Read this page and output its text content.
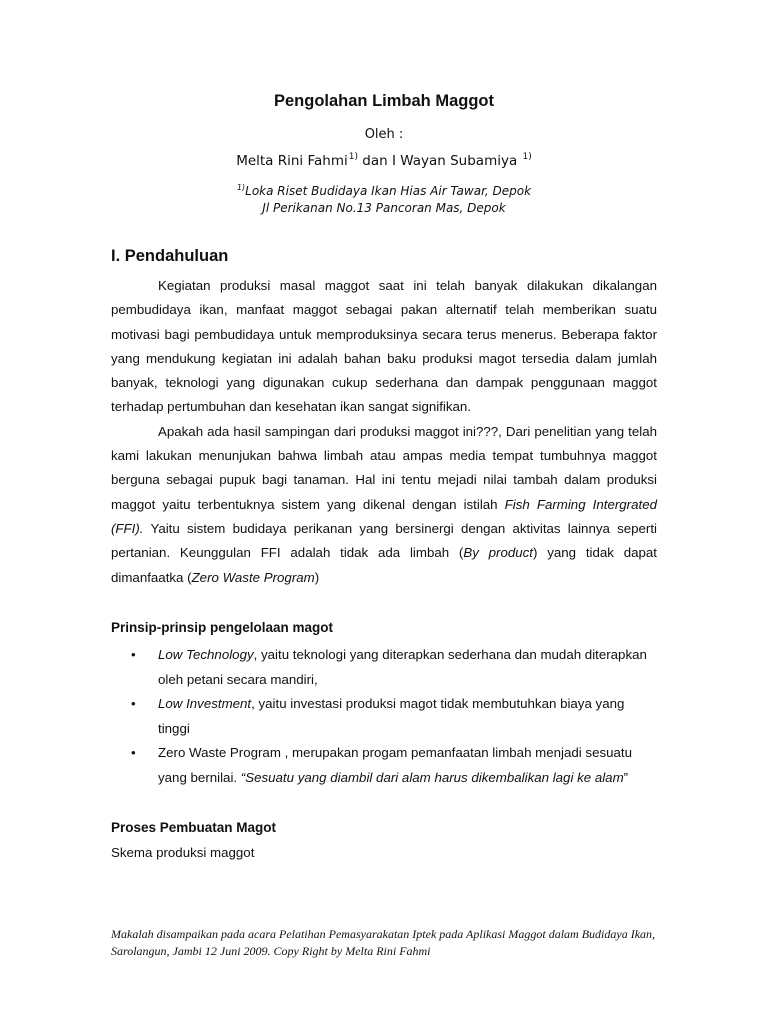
Pengolahan Limbah Maggot
Oleh :
Melta Rini Fahmi$^{1)}$ dan I Wayan Subamiya $^{1)}$
$^{1)}$Loka Riset Budidaya Ikan Hias Air Tawar, Depok
Jl Perikanan No.13 Pancoran Mas, Depok
I. Pendahuluan

Kegiatan produksi masal maggot saat ini telah banyak dilakukan dikalangan pembudidaya ikan, manfaat maggot sebagai pakan alternatif telah memberikan suatu motivasi bagi pembudidaya untuk memproduksinya secara terus menerus. Beberapa faktor yang mendukung kegiatan ini adalah bahan baku produksi magot tersedia dalam jumlah banyak, teknologi yang digunakan cukup sederhana dan dampak penggunaan maggot terhadap pertumbuhan dan kesehatan ikan sangat signifikan.

Apakah ada hasil sampingan dari produksi maggot ini???, Dari penelitian yang telah kami lakukan menunjukan bahwa limbah atau ampas media tempat tumbuhnya maggot berguna sebagai pupuk bagi tanaman. Hal ini tentu mejadi nilai tambah dalam produksi maggot yaitu terbentuknya sistem yang dikenal dengan istilah Fish Farming Intergrated (FFI). Yaitu sistem budidaya perikanan yang bersinergi dengan aktivitas lainnya seperti pertanian. Keunggulan FFI adalah tidak ada limbah (By product) yang tidak dapat dimanfaatka (Zero Waste Program)

Prinsip-prinsip pengelolaan magot
• Low Technology, yaitu teknologi yang diterapkan sederhana dan mudah diterapkan oleh petani secara mandiri,
• Low Investment, yaitu investasi produksi magot tidak membutuhkan biaya yang tinggi
• Zero Waste Program , merupakan progam pemanfaatan limbah menjadi sesuatu yang bernilai. “Sesuatu yang diambil dari alam harus dikembalikan lagi ke alam”
Proses Pembuatan Magot
Skema produksi maggot
Makalah disampaikan pada acara Pelatihan Pemasyarakatan Iptek pada Aplikasi Maggot dalam Budidaya Ikan, Sarolangun, Jambi 12 Juni 2009. Copy Right by Melta Rini Fahmi
